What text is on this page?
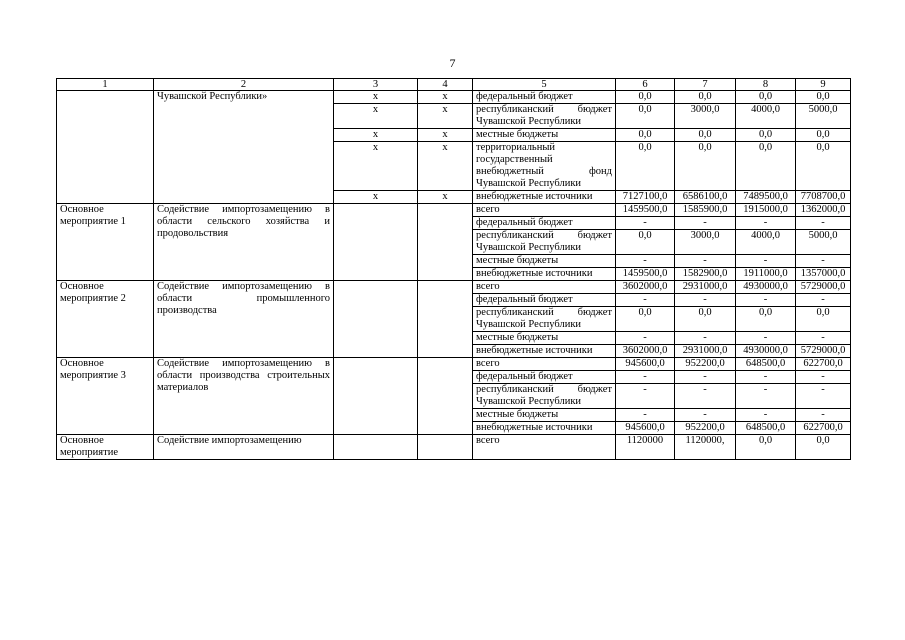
7
1	2	3	4	5	6	7	8	9
	Чувашской Республики»	x	x	федеральный бюджет	0,0	0,0	0,0	0,0
		x	x	республиканский бюджет Чувашской Республики	0,0	3000,0	4000,0	5000,0
		x	x	местные бюджеты	0,0	0,0	0,0	0,0
		x	x	территориальный государственный внебюджетный фонд Чувашской Республики	0,0	0,0	0,0	0,0
		x	x	внебюджетные источники	7127100,0	6586100,0	7489500,0	7708700,0
Основное мероприятие 1	Содействие импортозамещению в области сельского хозяйства и продовольствия			всего	1459500,0	1585900,0	1915000,0	1362000,0
				федеральный бюджет	-	-	-	-
				республиканский бюджет Чувашской Республики	0,0	3000,0	4000,0	5000,0
				местные бюджеты	-	-	-	-
				внебюджетные источники	1459500,0	1582900,0	1911000,0	1357000,0
Основное мероприятие 2	Содействие импортозамещению в области промышленного производства			всего	3602000,0	2931000,0	4930000,0	5729000,0
				федеральный бюджет	-	-	-	-
				республиканский бюджет Чувашской Республики	0,0	0,0	0,0	0,0
				местные бюджеты	-	-	-	-
				внебюджетные источники	3602000,0	2931000,0	4930000,0	5729000,0
Основное мероприятие 3	Содействие импортозамещению в области производства строительных материалов			всего	945600,0	952200,0	648500,0	622700,0
				федеральный бюджет	-	-	-	-
				республиканский бюджет Чувашской Республики	-	-	-	-
				местные бюджеты	-	-	-	-
				внебюджетные источники	945600,0	952200,0	648500,0	622700,0
Основное мероприятие	Содействие импортозамещению			всего	1120000	1120000,	0,0	0,0
